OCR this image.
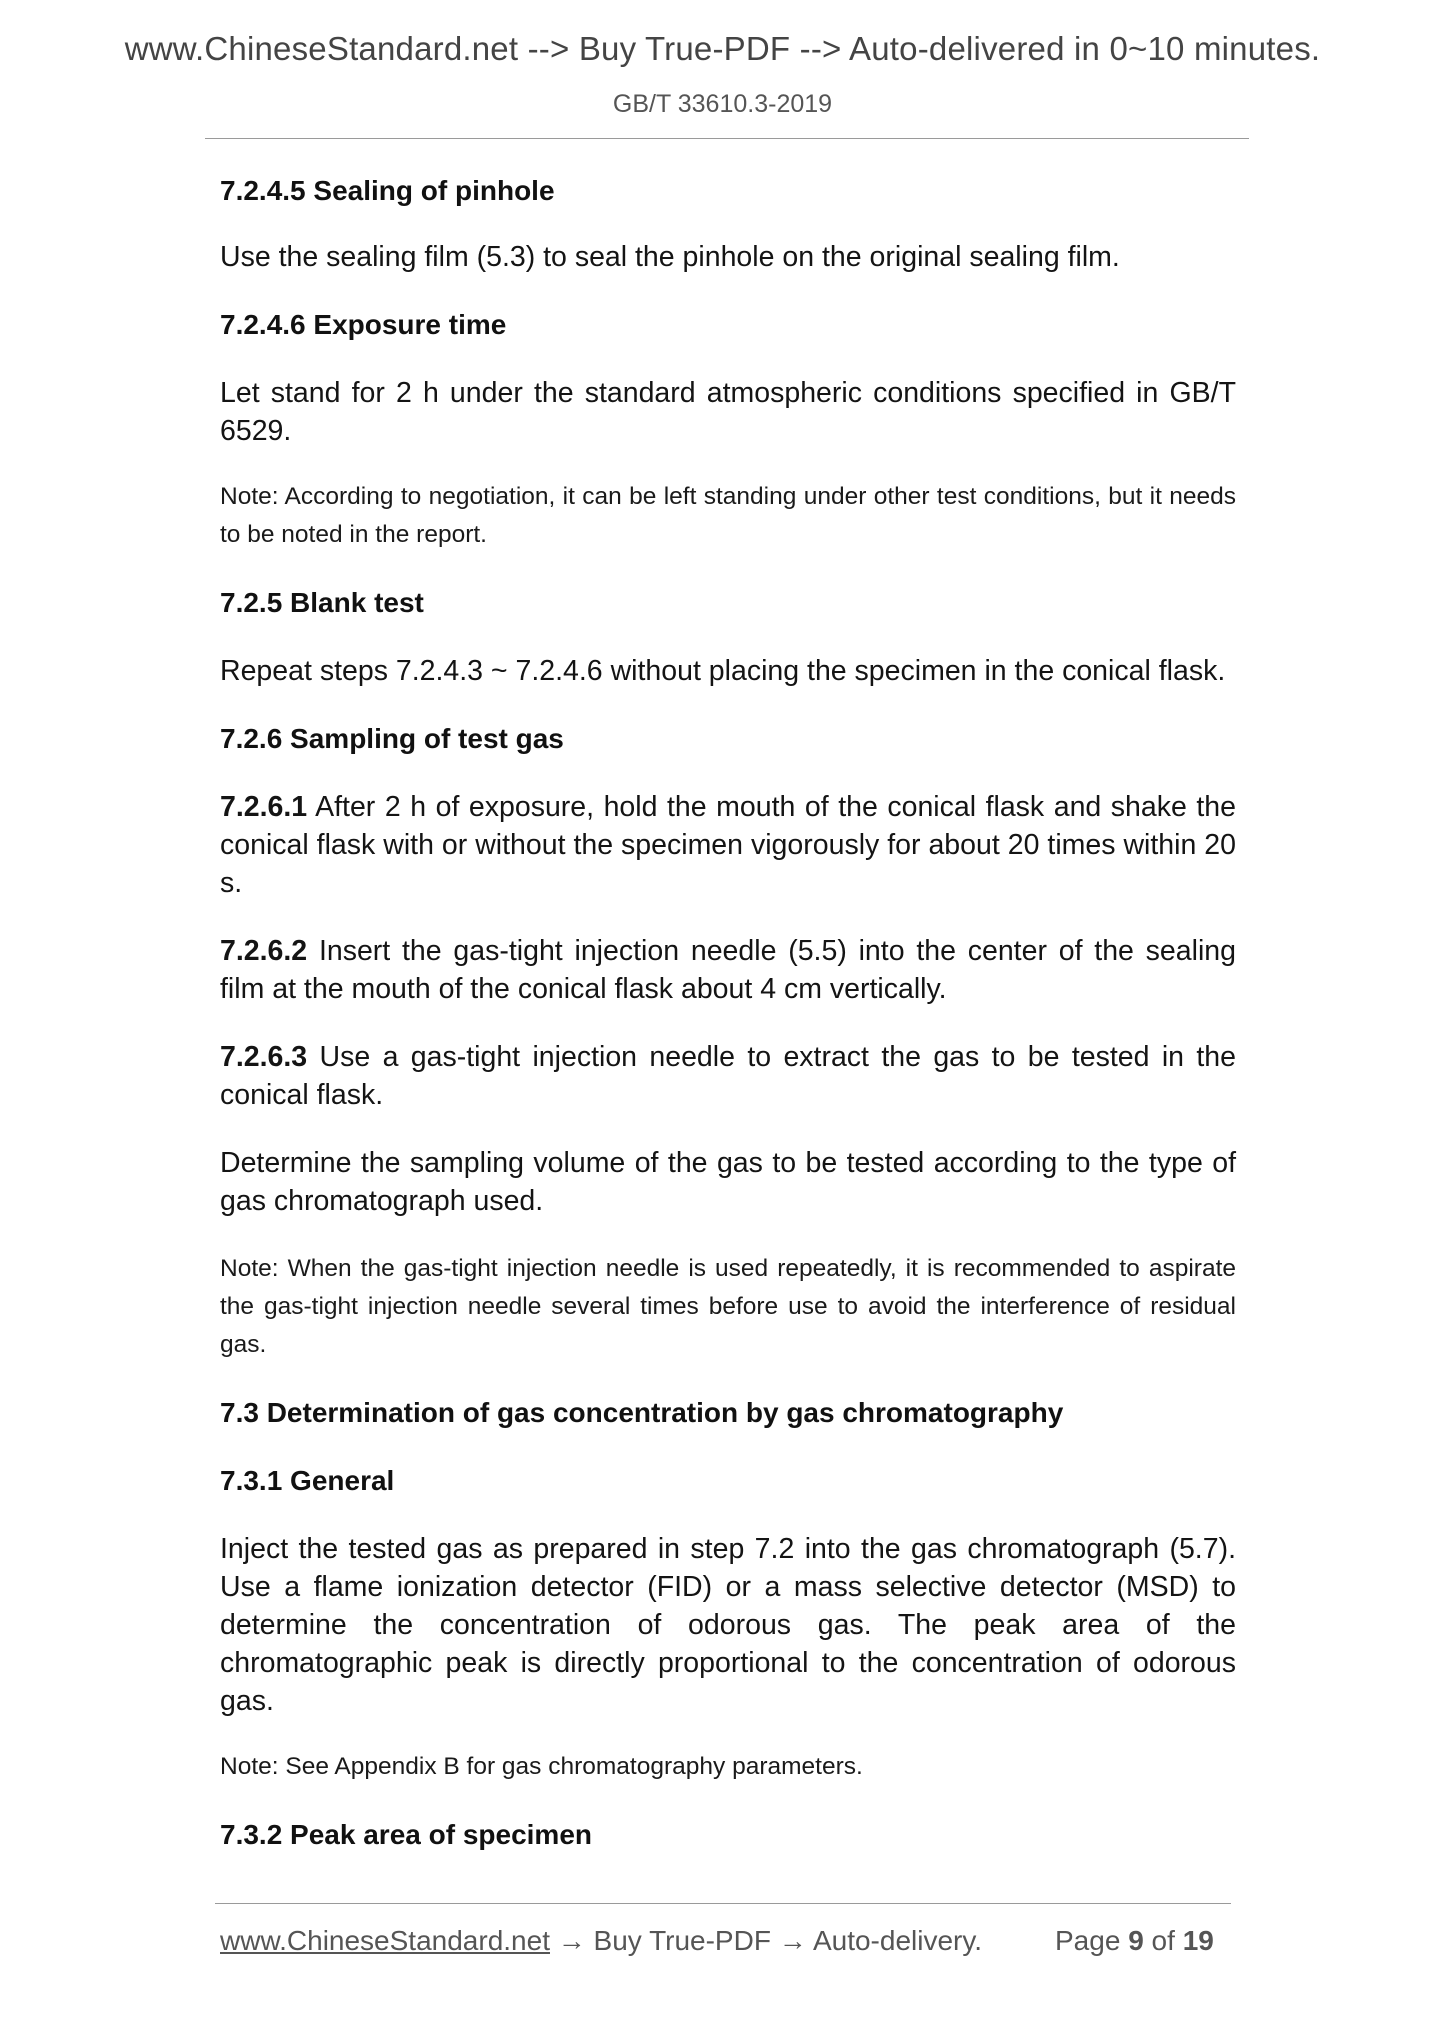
www.ChineseStandard.net --> Buy True-PDF --> Auto-delivered in 0~10 minutes.
GB/T 33610.3-2019

7.2.4.5 Sealing of pinhole

Use the sealing film (5.3) to seal the pinhole on the original sealing film.

7.2.4.6 Exposure time

Let stand for 2 h under the standard atmospheric conditions specified in GB/T 6529.

Note: According to negotiation, it can be left standing under other test conditions, but it needs to be noted in the report.

7.2.5 Blank test

Repeat steps 7.2.4.3 ~ 7.2.4.6 without placing the specimen in the conical flask.

7.2.6 Sampling of test gas

7.2.6.1 After 2 h of exposure, hold the mouth of the conical flask and shake the conical flask with or without the specimen vigorously for about 20 times within 20 s.

7.2.6.2 Insert the gas-tight injection needle (5.5) into the center of the sealing film at the mouth of the conical flask about 4 cm vertically.

7.2.6.3 Use a gas-tight injection needle to extract the gas to be tested in the conical flask.

Determine the sampling volume of the gas to be tested according to the type of gas chromatograph used.

Note: When the gas-tight injection needle is used repeatedly, it is recommended to aspirate the gas-tight injection needle several times before use to avoid the interference of residual gas.

7.3 Determination of gas concentration by gas chromatography

7.3.1 General

Inject the tested gas as prepared in step 7.2 into the gas chromatograph (5.7). Use a flame ionization detector (FID) or a mass selective detector (MSD) to determine the concentration of odorous gas. The peak area of the chromatographic peak is directly proportional to the concentration of odorous gas.

Note: See Appendix B for gas chromatography parameters.

7.3.2 Peak area of specimen

www.ChineseStandard.net → Buy True-PDF → Auto-delivery.	Page 9 of 19
